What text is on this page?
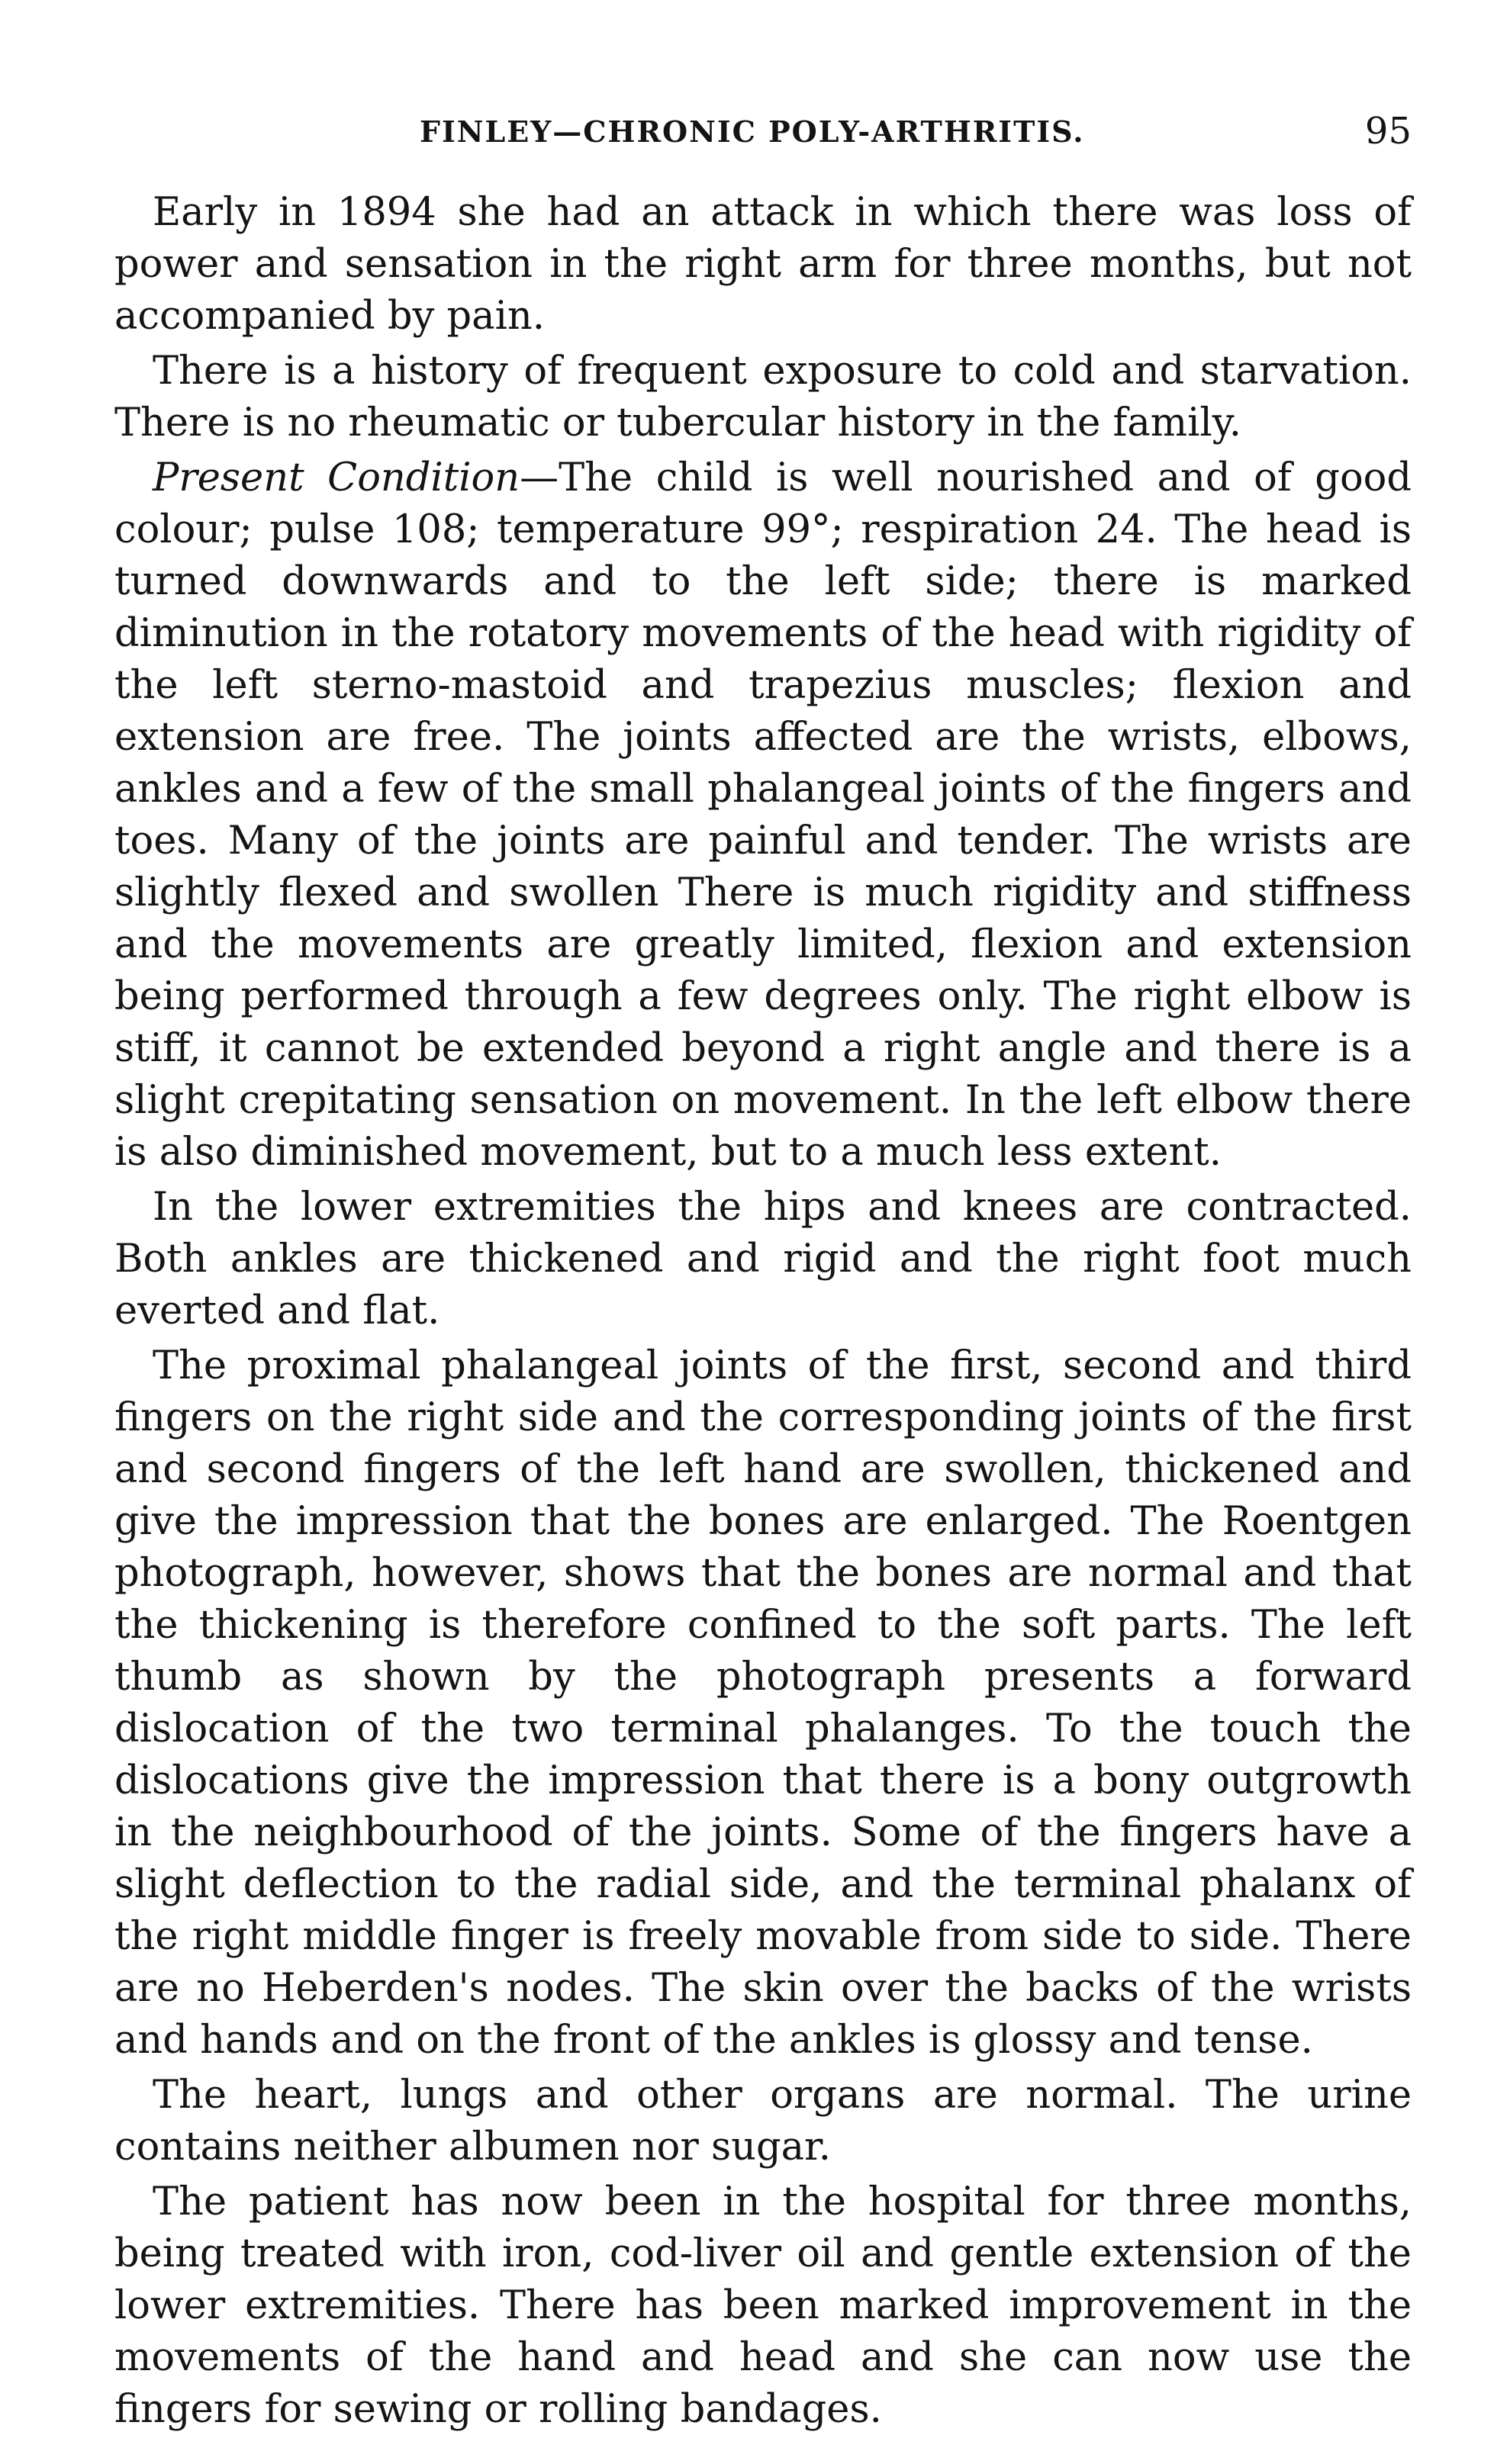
FINLEY—CHRONIC POLY-ARTHRITIS.	95

Early in 1894 she had an attack in which there was loss of power and sensation in the right arm for three months, but not accompanied by pain.

There is a history of frequent exposure to cold and starvation. There is no rheumatic or tubercular history in the family.

Present Condition—The child is well nourished and of good colour; pulse 108; temperature 99°; respiration 24. The head is turned downwards and to the left side; there is marked diminution in the rotatory movements of the head with rigidity of the left sterno-mastoid and trapezius muscles; flexion and extension are free. The joints affected are the wrists, elbows, ankles and a few of the small phalangeal joints of the fingers and toes. Many of the joints are painful and tender. The wrists are slightly flexed and swollen There is much rigidity and stiffness and the movements are greatly limited, flexion and extension being performed through a few degrees only. The right elbow is stiff, it cannot be extended beyond a right angle and there is a slight crepitating sensation on movement. In the left elbow there is also diminished movement, but to a much less extent.

In the lower extremities the hips and knees are contracted. Both ankles are thickened and rigid and the right foot much everted and flat.

The proximal phalangeal joints of the first, second and third fingers on the right side and the corresponding joints of the first and second fingers of the left hand are swollen, thickened and give the impression that the bones are enlarged. The Roentgen photograph, however, shows that the bones are normal and that the thickening is therefore confined to the soft parts. The left thumb as shown by the photograph presents a forward dislocation of the two terminal phalanges. To the touch the dislocations give the impression that there is a bony outgrowth in the neighbourhood of the joints. Some of the fingers have a slight deflection to the radial side, and the terminal phalanx of the right middle finger is freely movable from side to side. There are no Heberden's nodes. The skin over the backs of the wrists and hands and on the front of the ankles is glossy and tense.

The heart, lungs and other organs are normal. The urine contains neither albumen nor sugar.

The patient has now been in the hospital for three months, being treated with iron, cod-liver oil and gentle extension of the lower extremities. There has been marked improvement in the movements of the hand and head and she can now use the fingers for sewing or rolling bandages.
